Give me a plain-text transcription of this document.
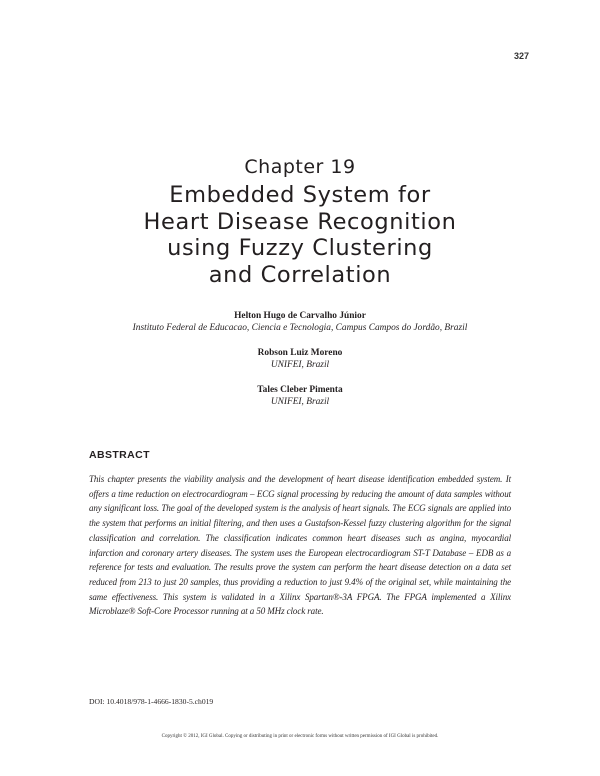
327
Chapter 19
Embedded System for
Heart Disease Recognition
using Fuzzy Clustering
and Correlation
Helton Hugo de Carvalho Júnior
Instituto Federal de Educacao, Ciencia e Tecnologia, Campus Campos do Jordão, Brazil
Robson Luiz Moreno
UNIFEI, Brazil
Tales Cleber Pimenta
UNIFEI, Brazil
ABSTRACT
This chapter presents the viability analysis and the development of heart disease identification embedded system. It offers a time reduction on electrocardiogram – ECG signal processing by reducing the amount of data samples without any significant loss. The goal of the developed system is the analysis of heart signals. The ECG signals are applied into the system that performs an initial filtering, and then uses a Gustafson-Kessel fuzzy clustering algorithm for the signal classification and correlation. The classification indicates common heart diseases such as angina, myocardial infarction and coronary artery diseases. The system uses the European electrocardiogram ST-T Database – EDB as a reference for tests and evaluation. The results prove the system can perform the heart disease detection on a data set reduced from 213 to just 20 samples, thus providing a reduction to just 9.4% of the original set, while maintaining the same effectiveness. This system is validated in a Xilinx Spartan®-3A FPGA. The FPGA implemented a Xilinx Microblaze® Soft-Core Processor running at a 50 MHz clock rate.
DOI: 10.4018/978-1-4666-1830-5.ch019
Copyright © 2012, IGI Global. Copying or distributing in print or electronic forms without written permission of IGI Global is prohibited.
